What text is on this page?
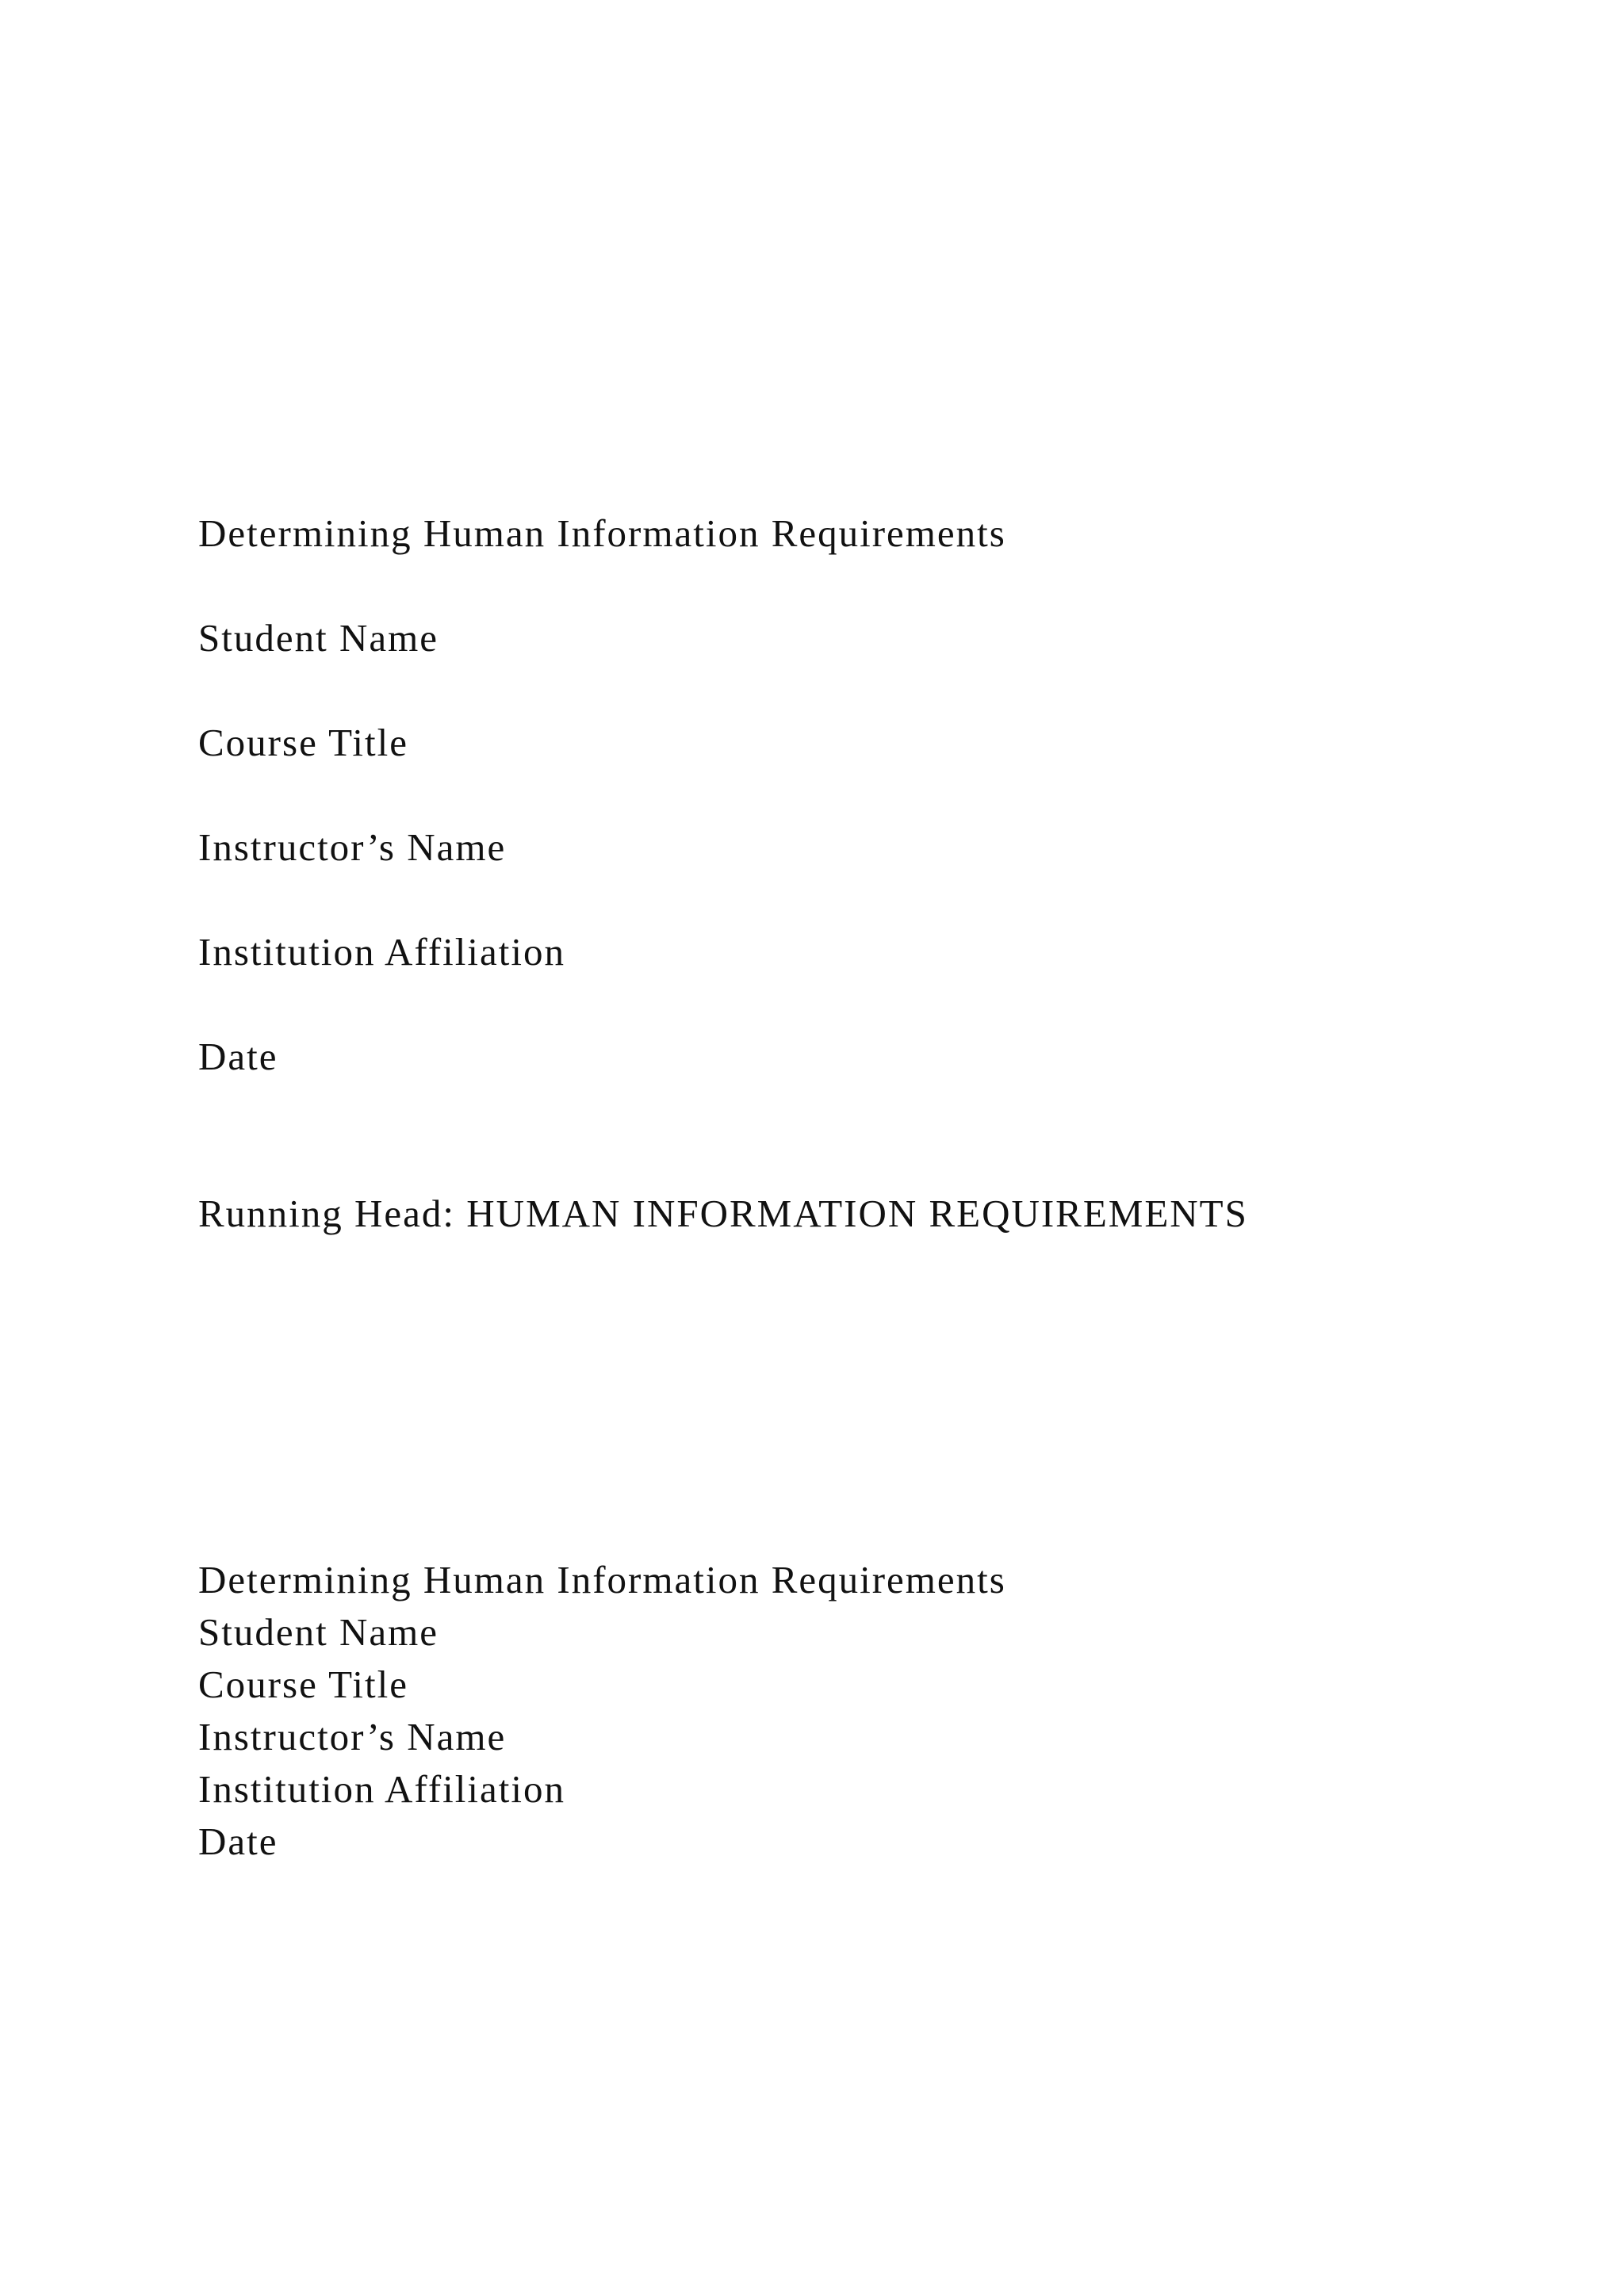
Determining Human Information Requirements

Student Name

Course Title

Instructor’s Name

Institution Affiliation

Date

Running Head: HUMAN INFORMATION REQUIREMENTS

Determining Human Information Requirements

Student Name

Course Title

Instructor’s Name

Institution Affiliation

Date
